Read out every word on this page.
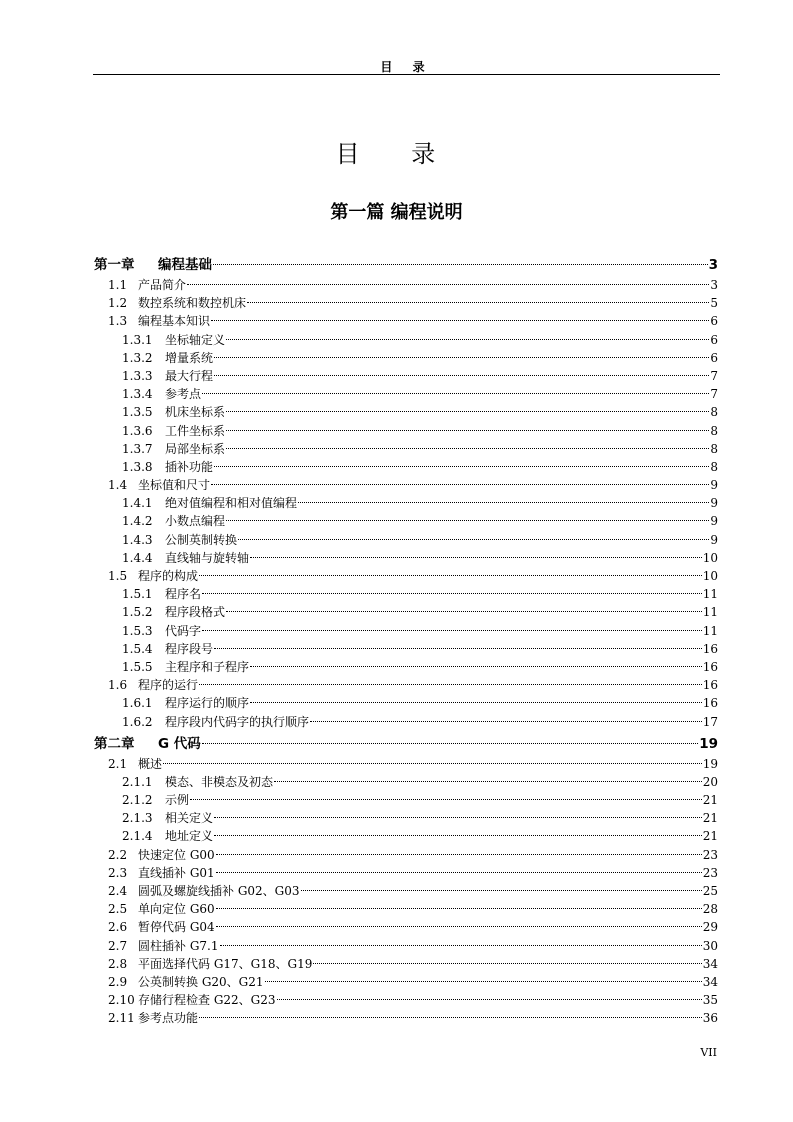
目 录
目 录
第一篇 编程说明
第一章	编程基础	3
1.1 产品简介	3
1.2 数控系统和数控机床	5
1.3 编程基本知识	6
1.3.1	坐标轴定义	6
1.3.2	增量系统	6
1.3.3	最大行程	7
1.3.4	参考点	7
1.3.5	机床坐标系	8
1.3.6	工件坐标系	8
1.3.7	局部坐标系	8
1.3.8	插补功能	8
1.4 坐标值和尺寸	9
1.4.1	绝对值编程和相对值编程	9
1.4.2	小数点编程	9
1.4.3	公制英制转换	9
1.4.4	直线轴与旋转轴	10
1.5 程序的构成	10
1.5.1	程序名	11
1.5.2	程序段格式	11
1.5.3	代码字	11
1.5.4	程序段号	16
1.5.5	主程序和子程序	16
1.6 程序的运行	16
1.6.1	程序运行的顺序	16
1.6.2	程序段内代码字的执行顺序	17
第二章	G 代码	19
2.1 概述	19
2.1.1	模态、非模态及初态	20
2.1.2	示例	21
2.1.3	相关定义	21
2.1.4	地址定义	21
2.2 快速定位 G00	23
2.3 直线插补 G01	23
2.4 圆弧及螺旋线插补 G02、G03	25
2.5 单向定位 G60	28
2.6 暂停代码 G04	29
2.7 圆柱插补 G7.1	30
2.8 平面选择代码 G17、G18、G19	34
2.9 公英制转换 G20、G21	34
2.10 存储行程检查 G22、G23	35
2.11 参考点功能	36
VII
